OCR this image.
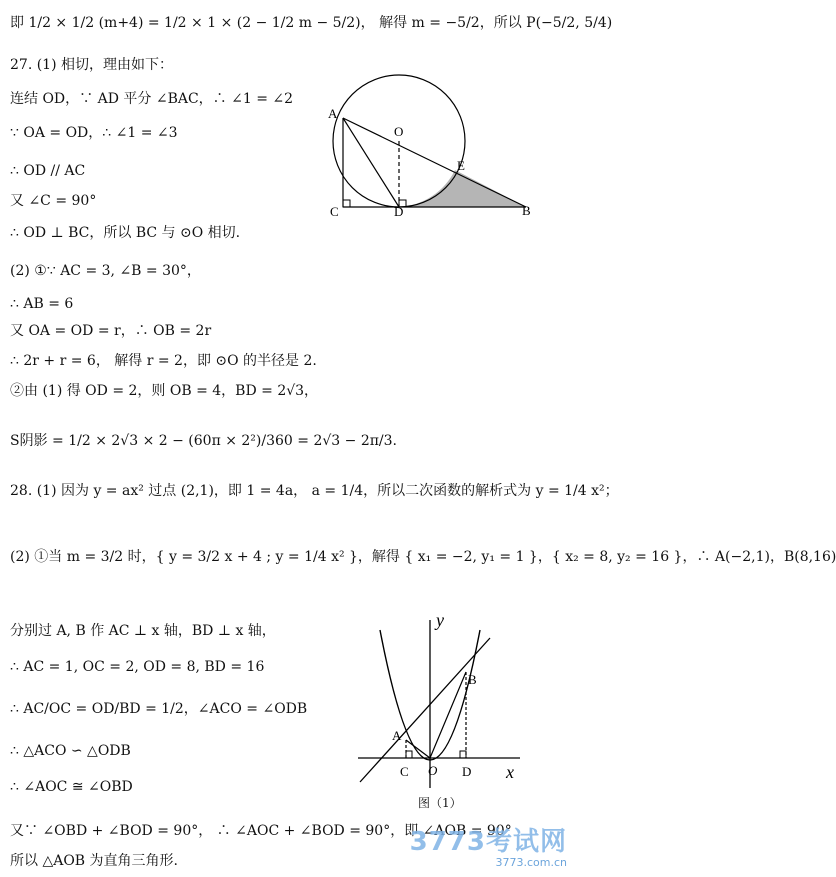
即 1/2 × 1/2 (m+4) = 1/2 × 1 × (2 − 1/2 m − 5/2)， 解得 m = −5/2，所以 P(−5/2, 5/4)
27. (1) 相切，理由如下：
连结 OD，∵ AD 平分 ∠BAC，∴ ∠1 = ∠2
∵ OA = OD，∴ ∠1 = ∠3
∴ OD // AC
又 ∠C = 90°
∴ OD ⊥ BC，所以 BC 与 ⊙O 相切.
(2) ①∵ AC = 3, ∠B = 30°，
∴ AB = 6
又 OA = OD = r，∴ OB = 2r
∴ 2r + r = 6， 解得 r = 2，即 ⊙O 的半径是 2.
②由 (1) 得 OD = 2，则 OB = 4，BD = 2√3，
S阴影 = 1/2 × 2√3 × 2 − (60π × 2²)/360 = 2√3 − 2π/3.
28. (1) 因为 y = ax² 过点 (2,1)，即 1 = 4a， a = 1/4，所以二次函数的解析式为 y = 1/4 x²；
(2) ①当 m = 3/2 时，{ y = 3/2 x + 4 ; y = 1/4 x² }，解得 { x₁ = −2, y₁ = 1 }，{ x₂ = 8, y₂ = 16 }，∴ A(−2,1)，B(8,16)
分别过 A, B 作 AC ⊥ x 轴，BD ⊥ x 轴，
∴ AC = 1, OC = 2, OD = 8, BD = 16
∴ AC/OC = OD/BD = 1/2，∠ACO = ∠ODB
∴ △ACO ∽ △ODB
∴ ∠AOC ≅ ∠OBD
又∵ ∠OBD + ∠BOD = 90°， ∴ ∠AOC + ∠BOD = 90°，即 ∠AOB = 90°
所以 △AOB 为直角三角形.
A
O
E
C	D	B
y
x
A
B
C O D
图（1）
3773考试网
3773.com.cn
